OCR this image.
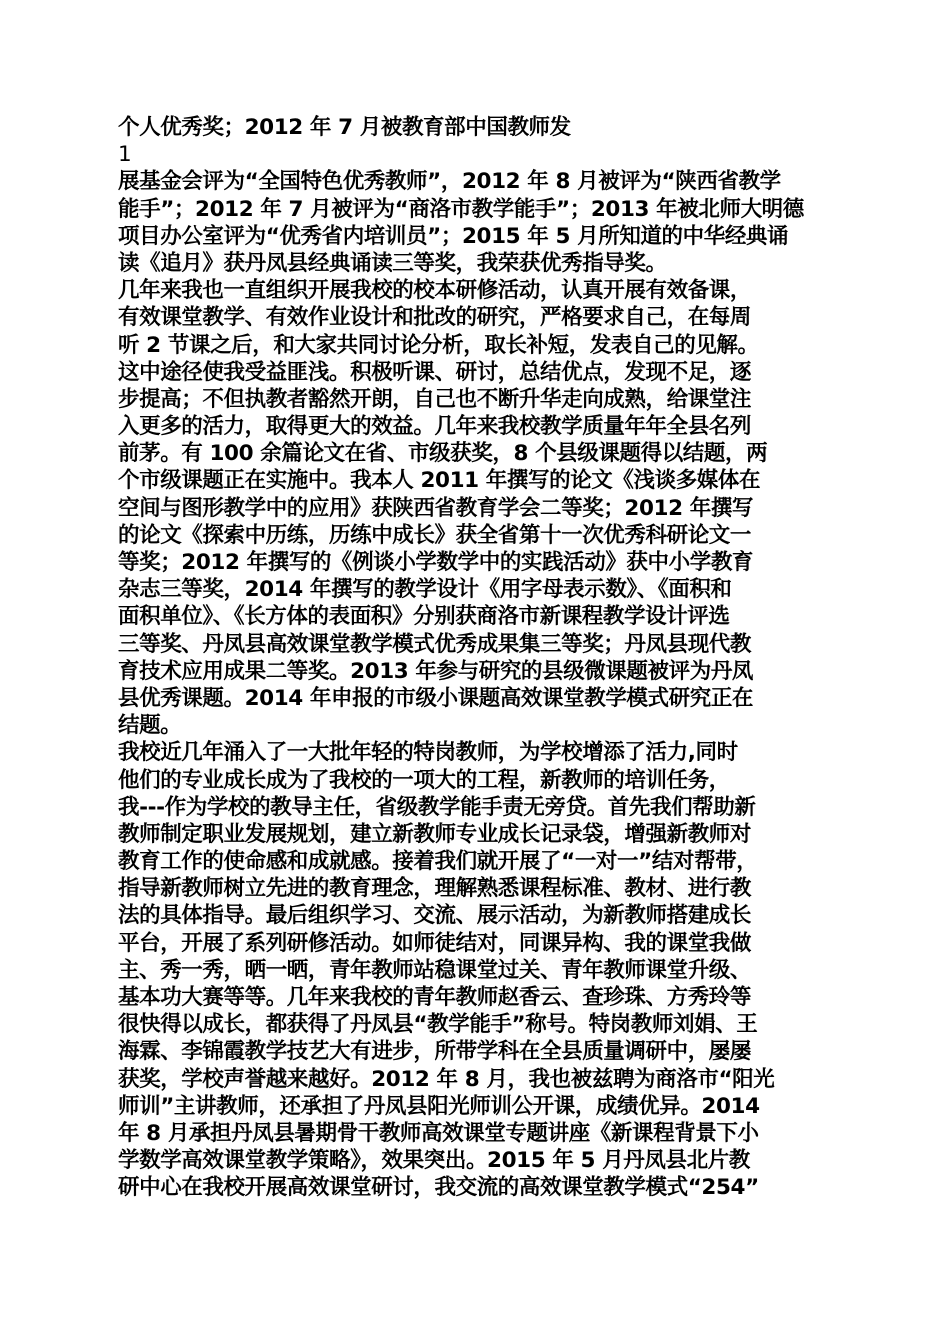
个人优秀奖；2012 年 7 月被教育部中国教师发
1
展基金会评为“全国特色优秀教师”，2012 年 8 月被评为“陕西省教学
能手”；2012 年 7 月被评为“商洛市教学能手”；2013 年被北师大明德
项目办公室评为“优秀省内培训员”；2015 年 5 月所知道的中华经典诵
读《追月》获丹凤县经典诵读三等奖，我荣获优秀指导奖。
几年来我也一直组织开展我校的校本研修活动，认真开展有效备课，
有效课堂教学、有效作业设计和批改的研究，严格要求自己，在每周
听 2 节课之后，和大家共同讨论分析，取长补短，发表自己的见解。
这中途径使我受益匪浅。积极听课、研讨，总结优点，发现不足，逐
步提高；不但执教者豁然开朗，自己也不断升华走向成熟，给课堂注
入更多的活力，取得更大的效益。几年来我校教学质量年年全县名列
前茅。有 100 余篇论文在省、市级获奖，8 个县级课题得以结题，两
个市级课题正在实施中。我本人 2011 年撰写的论文《浅谈多媒体在
空间与图形教学中的应用》获陕西省教育学会二等奖；2012 年撰写
的论文《探索中历练，历练中成长》获全省第十一次优秀科研论文一
等奖；2012 年撰写的《例谈小学数学中的实践活动》获中小学教育
杂志三等奖，2014 年撰写的教学设计《用字母表示数》、《面积和
面积单位》、《长方体的表面积》分别获商洛市新课程教学设计评选
三等奖、丹凤县高效课堂教学模式优秀成果集三等奖；丹凤县现代教
育技术应用成果二等奖。2013 年参与研究的县级微课题被评为丹凤
县优秀课题。2014 年申报的市级小课题高效课堂教学模式研究正在
结题。
我校近几年涌入了一大批年轻的特岗教师，为学校增添了活力,同时
他们的专业成长成为了我校的一项大的工程，新教师的培训任务，
我---作为学校的教导主任，省级教学能手责无旁贷。首先我们帮助新
教师制定职业发展规划，建立新教师专业成长记录袋，增强新教师对
教育工作的使命感和成就感。接着我们就开展了“一对一”结对帮带，
指导新教师树立先进的教育理念，理解熟悉课程标准、教材、进行教
法的具体指导。最后组织学习、交流、展示活动，为新教师搭建成长
平台，开展了系列研修活动。如师徒结对，同课异构、我的课堂我做
主、秀一秀，晒一晒，青年教师站稳课堂过关、青年教师课堂升级、
基本功大赛等等。几年来我校的青年教师赵香云、查珍珠、方秀玲等
很快得以成长，都获得了丹凤县“教学能手”称号。特岗教师刘娟、王
海霖、李锦霞教学技艺大有进步，所带学科在全县质量调研中，屡屡
获奖，学校声誉越来越好。2012 年 8 月，我也被兹聘为商洛市“阳光
师训”主讲教师，还承担了丹凤县阳光师训公开课，成绩优异。2014
年 8 月承担丹凤县暑期骨干教师高效课堂专题讲座《新课程背景下小
学数学高效课堂教学策略》，效果突出。2015 年 5 月丹凤县北片教
研中心在我校开展高效课堂研讨，我交流的高效课堂教学模式“254”
